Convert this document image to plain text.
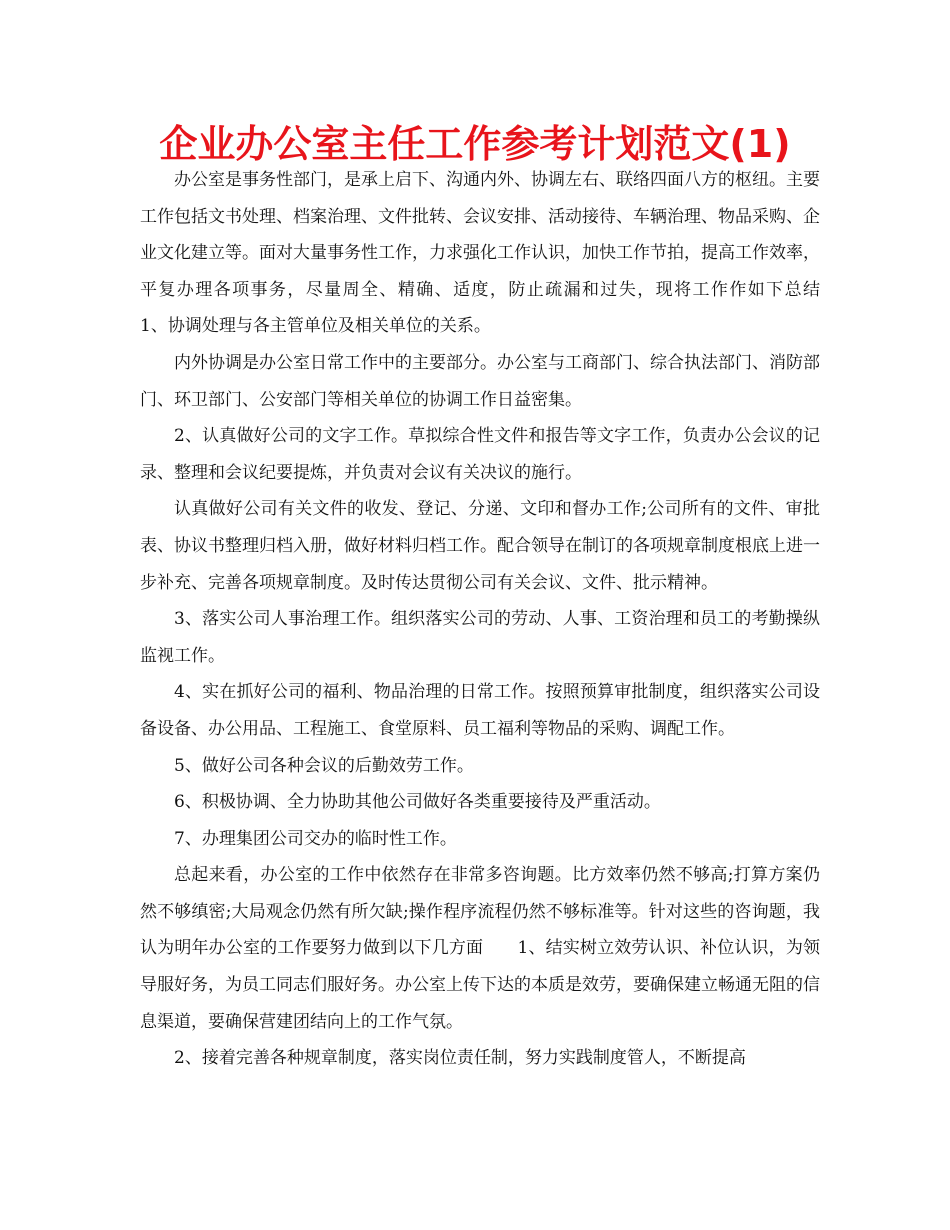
企业办公室主任工作参考计划范文(1)

办公室是事务性部门，是承上启下、沟通内外、协调左右、联络四面八方的枢纽。主要工作包括文书处理、档案治理、文件批转、会议安排、活动接待、车辆治理、物品采购、企业文化建立等。面对大量事务性工作，力求强化工作认识，加快工作节拍，提高工作效率，平复办理各项事务，尽量周全、精确、适度，防止疏漏和过失，现将工作作如下总结　　1、协调处理与各主管单位及相关单位的关系。

内外协调是办公室日常工作中的主要部分。办公室与工商部门、综合执法部门、消防部门、环卫部门、公安部门等相关单位的协调工作日益密集。

2、认真做好公司的文字工作。草拟综合性文件和报告等文字工作，负责办公会议的记录、整理和会议纪要提炼，并负责对会议有关决议的施行。

认真做好公司有关文件的收发、登记、分递、文印和督办工作;公司所有的文件、审批表、协议书整理归档入册，做好材料归档工作。配合领导在制订的各项规章制度根底上进一步补充、完善各项规章制度。及时传达贯彻公司有关会议、文件、批示精神。

3、落实公司人事治理工作。组织落实公司的劳动、人事、工资治理和员工的考勤操纵监视工作。

4、实在抓好公司的福利、物品治理的日常工作。按照预算审批制度，组织落实公司设备设备、办公用品、工程施工、食堂原料、员工福利等物品的采购、调配工作。

5、做好公司各种会议的后勤效劳工作。

6、积极协调、全力协助其他公司做好各类重要接待及严重活动。

7、办理集团公司交办的临时性工作。

总起来看，办公室的工作中依然存在非常多咨询题。比方效率仍然不够高;打算方案仍然不够缜密;大局观念仍然有所欠缺;操作程序流程仍然不够标准等。针对这些的咨询题，我认为明年办公室的工作要努力做到以下几方面　　1、结实树立效劳认识、补位认识，为领导服好务，为员工同志们服好务。办公室上传下达的本质是效劳，要确保建立畅通无阻的信息渠道，要确保营建团结向上的工作气氛。

2、接着完善各种规章制度，落实岗位责任制，努力实践制度管人，不断提高
